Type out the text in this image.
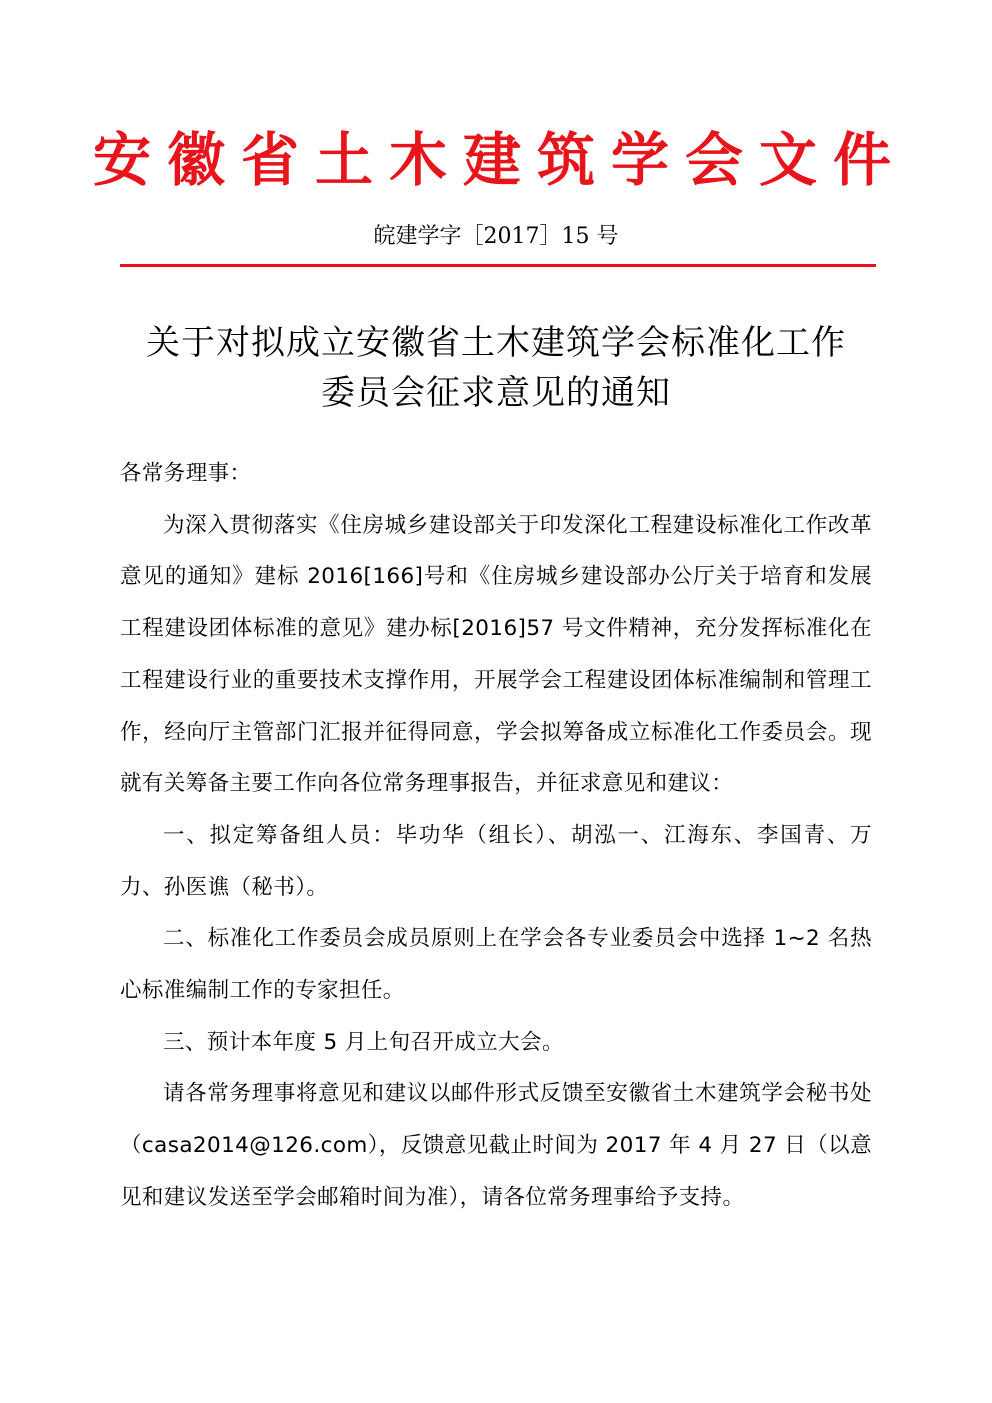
安徽省土木建筑学会文件
皖建学字［2017］15 号
关于对拟成立安徽省土木建筑学会标准化工作
委员会征求意见的通知

各常务理事：

为深入贯彻落实《住房城乡建设部关于印发深化工程建设标准化工作改革意见的通知》建标 2016[166]号和《住房城乡建设部办公厅关于培育和发展工程建设团体标准的意见》建办标[2016]57 号文件精神，充分发挥标准化在工程建设行业的重要技术支撑作用，开展学会工程建设团体标准编制和管理工作，经向厅主管部门汇报并征得同意，学会拟筹备成立标准化工作委员会。现就有关筹备主要工作向各位常务理事报告，并征求意见和建议：

一、拟定筹备组人员：毕功华（组长）、胡泓一、江海东、李国青、万力、孙医谯（秘书）。

二、标准化工作委员会成员原则上在学会各专业委员会中选择 1~2 名热心标准编制工作的专家担任。

三、预计本年度 5 月上旬召开成立大会。

请各常务理事将意见和建议以邮件形式反馈至安徽省土木建筑学会秘书处（casa2014@126.com），反馈意见截止时间为 2017 年 4 月 27 日（以意见和建议发送至学会邮箱时间为准），请各位常务理事给予支持。
